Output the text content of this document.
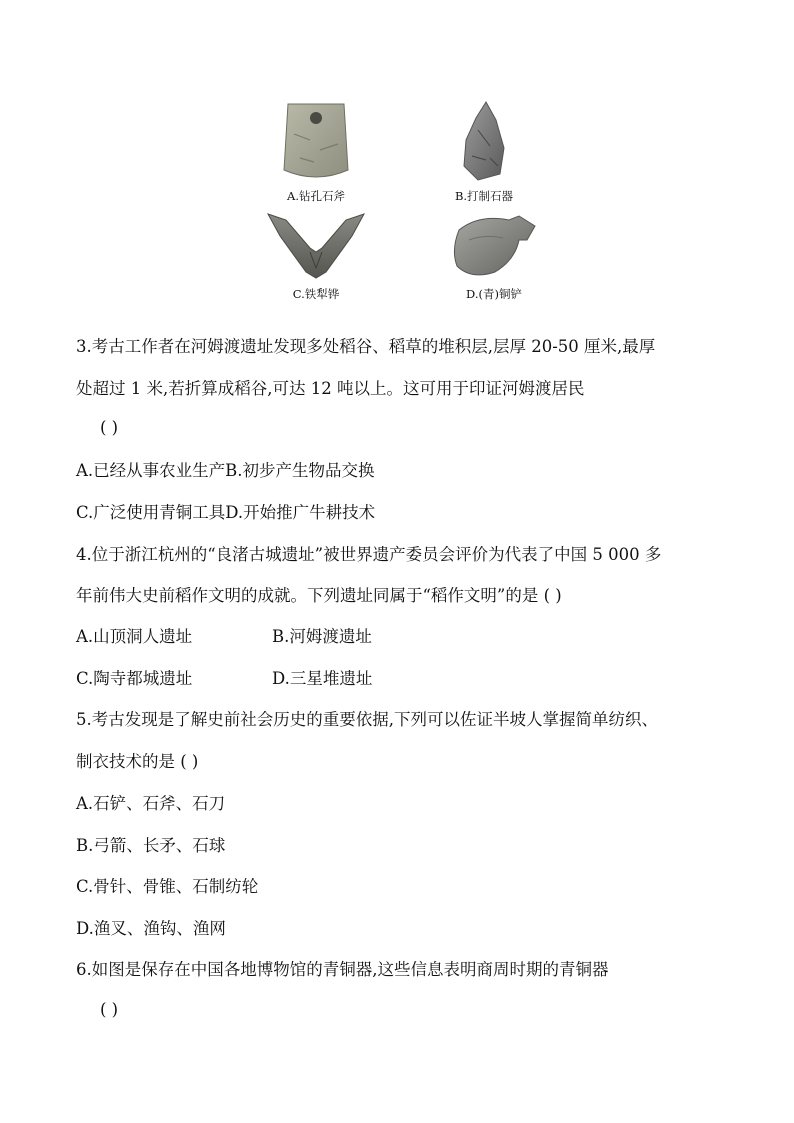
A.钻孔石斧	B.打制石器
C.铁犁铧	D.(青)铜铲
3.考古工作者在河姆渡遗址发现多处稻谷、稻草的堆积层,层厚 20-50 厘米,最厚
处超过 1 米,若折算成稻谷,可达 12 吨以上。这可用于印证河姆渡居民
( )
A.已经从事农业生产B.初步产生物品交换
C.广泛使用青铜工具D.开始推广牛耕技术
4.位于浙江杭州的“良渚古城遗址”被世界遗产委员会评价为代表了中国 5 000 多
年前伟大史前稻作文明的成就。下列遗址同属于“稻作文明”的是 ( )
A.山顶洞人遗址	B.河姆渡遗址
C.陶寺都城遗址	D.三星堆遗址
5.考古发现是了解史前社会历史的重要依据,下列可以佐证半坡人掌握简单纺织、
制衣技术的是 ( )
A.石铲、石斧、石刀
B.弓箭、长矛、石球
C.骨针、骨锥、石制纺轮
D.渔叉、渔钩、渔网
6.如图是保存在中国各地博物馆的青铜器,这些信息表明商周时期的青铜器
( )
